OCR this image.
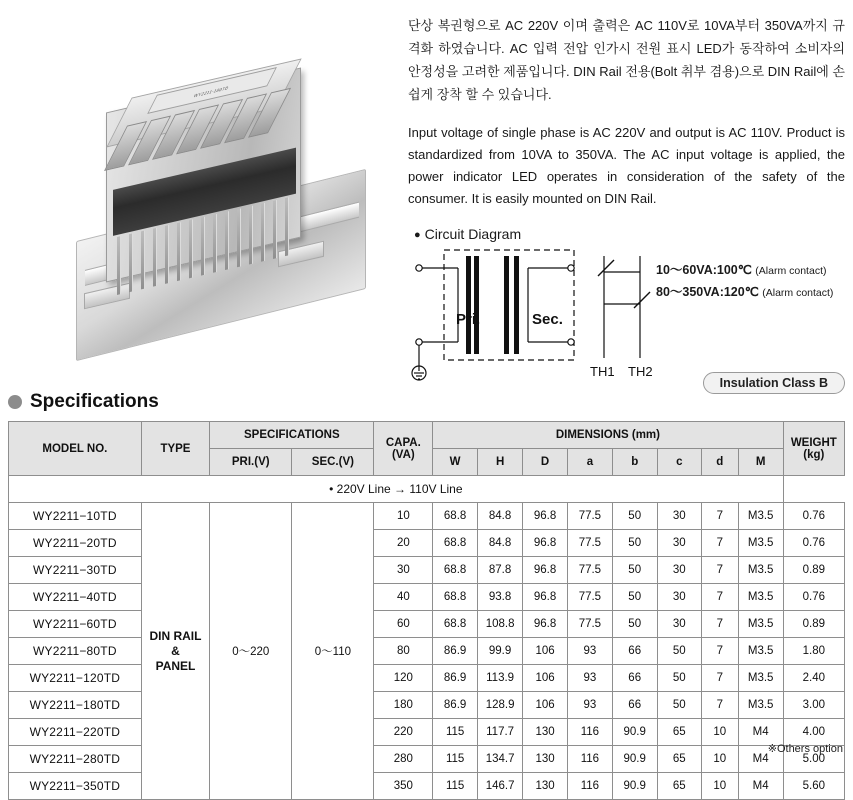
WY2211-180TD

단상 복권형으로 AC 220V 이며 출력은 AC 110V로 10VA부터 350VA까지 규격화 하였습니다. AC 입력 전압 인가시 전원 표시 LED가 동작하여 소비자의 안정성을 고려한 제품입니다. DIN Rail 전용(Bolt 취부 겸용)으로 DIN Rail에 손쉽게 장착 할 수 있습니다.

Input voltage of single phase is AC 220V and output is AC 110V. Product is standardized from 10VA to 350VA. The AC input voltage is applied, the power indicator LED operates in consideration of the safety of the consumer. It is easily mounted on DIN Rail.

● Circuit Diagram
Pri.	Sec.
TH1 TH2
10〜60VA:100℃ (Alarm contact)
80〜350VA:120℃ (Alarm contact)
Specifications
Insulation Class B
MODEL NO.	TYPE	SPECIFICATIONS	
CAPA.
(VA)
	DIMENSIONS (mm)	
WEIGHT
(kg)

		PRI.(V)	SEC.(V)		W	H	D	a	b	c	d	M	
• 220V Line → 110V Line													
WY2211−10TD	DIN RAIL
&
PANEL	0〜220	0〜110	10	68.8	84.8	96.8	77.5	50	30	7	M3.5	0.76
WY2211−20TD				20	68.8	84.8	96.8	77.5	50	30	7	M3.5	0.76
WY2211−30TD				30	68.8	87.8	96.8	77.5	50	30	7	M3.5	0.89
WY2211−40TD				40	68.8	93.8	96.8	77.5	50	30	7	M3.5	0.76
WY2211−60TD				60	68.8	108.8	96.8	77.5	50	30	7	M3.5	0.89
WY2211−80TD				80	86.9	99.9	106	93	66	50	7	M3.5	1.80
WY2211−120TD				120	86.9	113.9	106	93	66	50	7	M3.5	2.40
WY2211−180TD				180	86.9	128.9	106	93	66	50	7	M3.5	3.00
WY2211−220TD				220	115	117.7	130	116	90.9	65	10	M4	4.00
WY2211−280TD				280	115	134.7	130	116	90.9	65	10	M4	5.00
WY2211−350TD				350	115	146.7	130	116	90.9	65	10	M4	5.60
※Others option
